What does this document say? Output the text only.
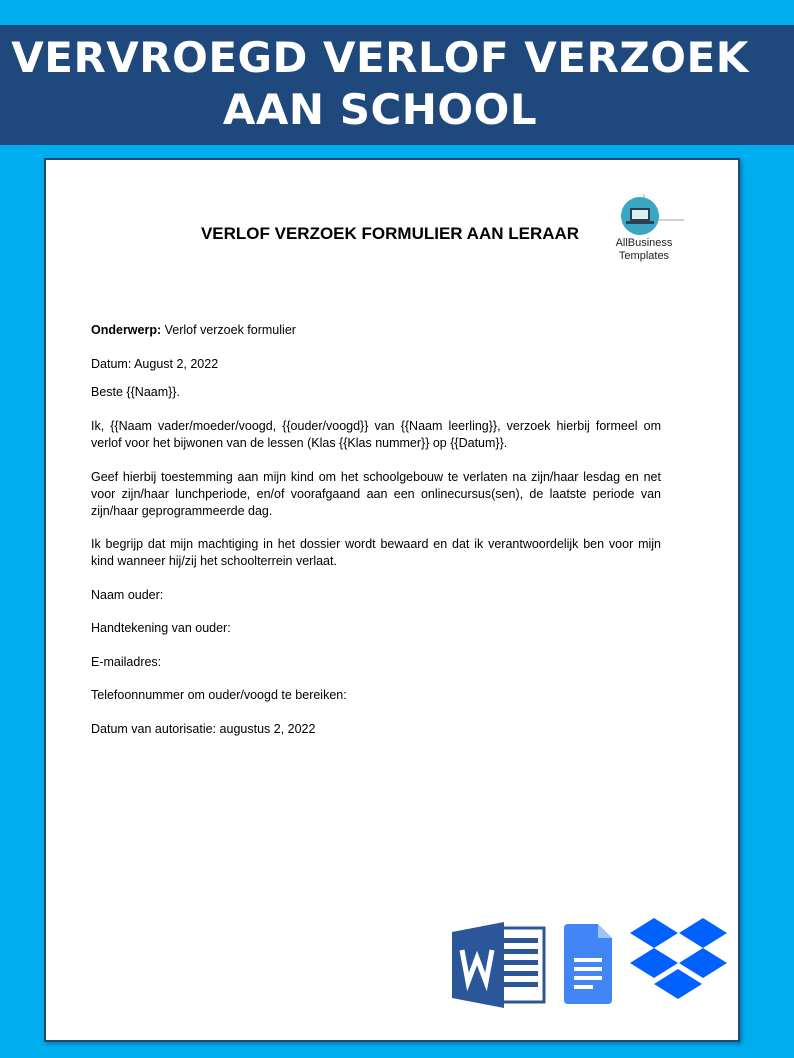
VERVROEGD VERLOF VERZOEK
AAN SCHOOL
VERLOF VERZOEK FORMULIER AAN LERAAR	AllBusiness
Templates
Onderwerp: Verlof verzoek formulier
Datum: August 2, 2022
Beste {{Naam}}.
Ik, {{Naam vader/moeder/voogd, {{ouder/voogd}} van {{Naam leerling}}, verzoek hierbij formeel om verlof voor het bijwonen van de lessen (Klas {{Klas nummer}} op {{Datum}}.
Geef hierbij toestemming aan mijn kind om het schoolgebouw te verlaten na zijn/haar lesdag en net voor zijn/haar lunchperiode, en/of voorafgaand aan een onlinecursus(sen), de laatste periode van zijn/haar geprogrammeerde dag.
Ik begrijp dat mijn machtiging in het dossier wordt bewaard en dat ik verantwoordelijk ben voor mijn kind wanneer hij/zij het schoolterrein verlaat.
Naam ouder:
Handtekening van ouder:
E-mailadres:
Telefoonnummer om ouder/voogd te bereiken:
Datum van autorisatie: augustus 2, 2022
